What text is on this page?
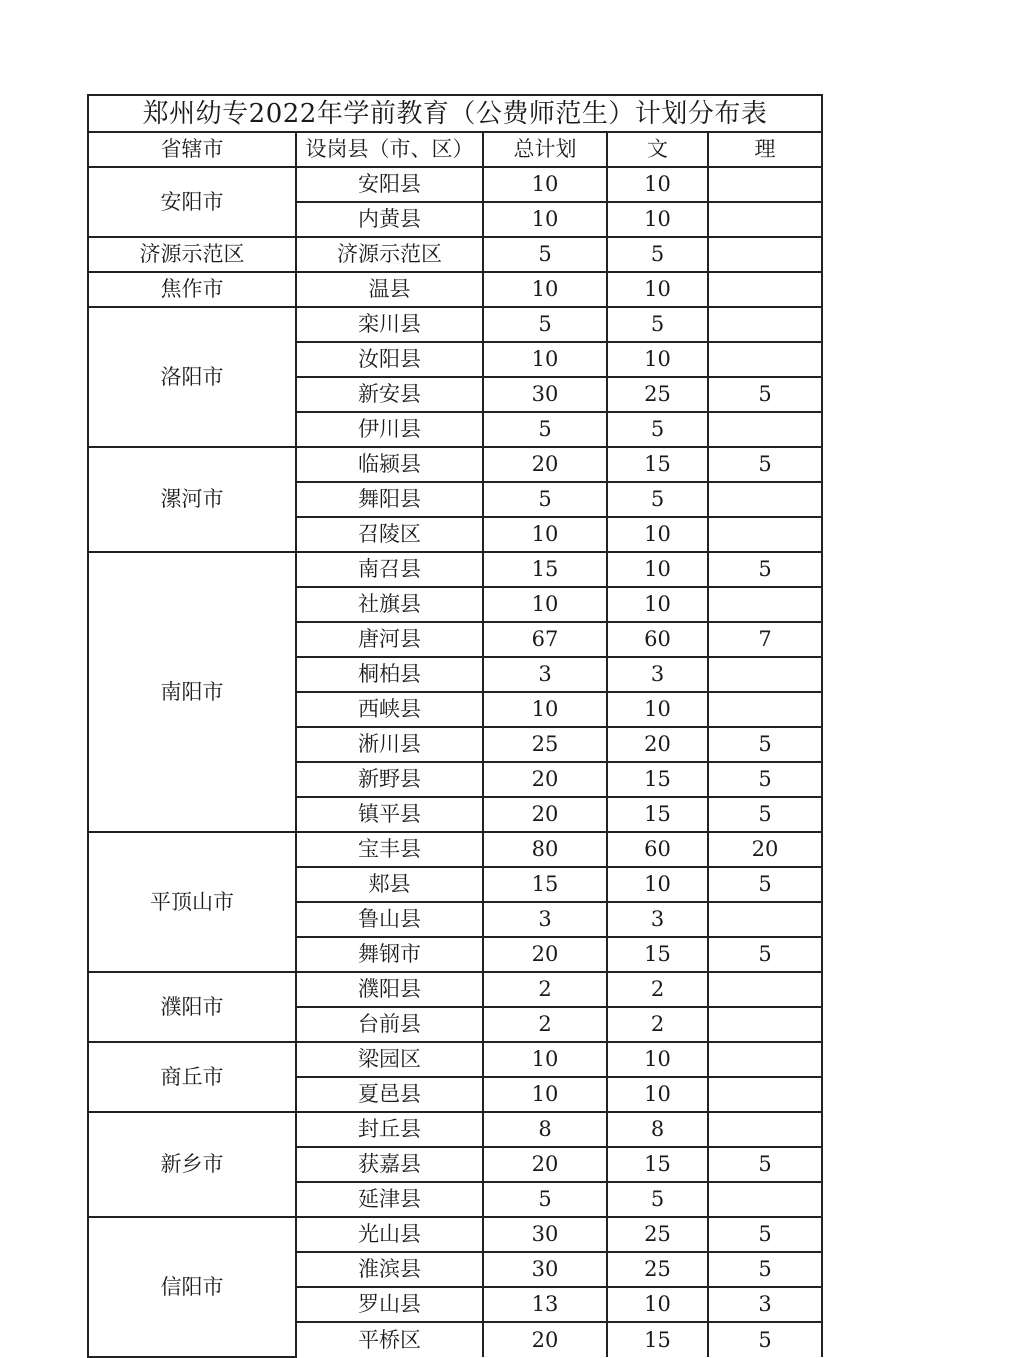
郑州幼专2022年学前教育（公费师范生）计划分布表				
省辖市	设岗县（市、区）	总计划	文	理
安阳市	安阳县	10	10	
	内黄县	10	10	
济源示范区	济源示范区	5	5	
焦作市	温县	10	10	
洛阳市	栾川县	5	5	
	汝阳县	10	10	
	新安县	30	25	5
	伊川县	5	5	
漯河市	临颍县	20	15	5
	舞阳县	5	5	
	召陵区	10	10	
南阳市	南召县	15	10	5
	社旗县	10	10	
	唐河县	67	60	7
	桐柏县	3	3	
	西峡县	10	10	
	淅川县	25	20	5
	新野县	20	15	5
	镇平县	20	15	5
平顶山市	宝丰县	80	60	20
	郏县	15	10	5
	鲁山县	3	3	
	舞钢市	20	15	5
濮阳市	濮阳县	2	2	
	台前县	2	2	
商丘市	梁园区	10	10	
	夏邑县	10	10	
新乡市	封丘县	8	8	
	获嘉县	20	15	5
	延津县	5	5	
信阳市	光山县	30	25	5
	淮滨县	30	25	5
	罗山县	13	10	3
	平桥区	20	15	5
